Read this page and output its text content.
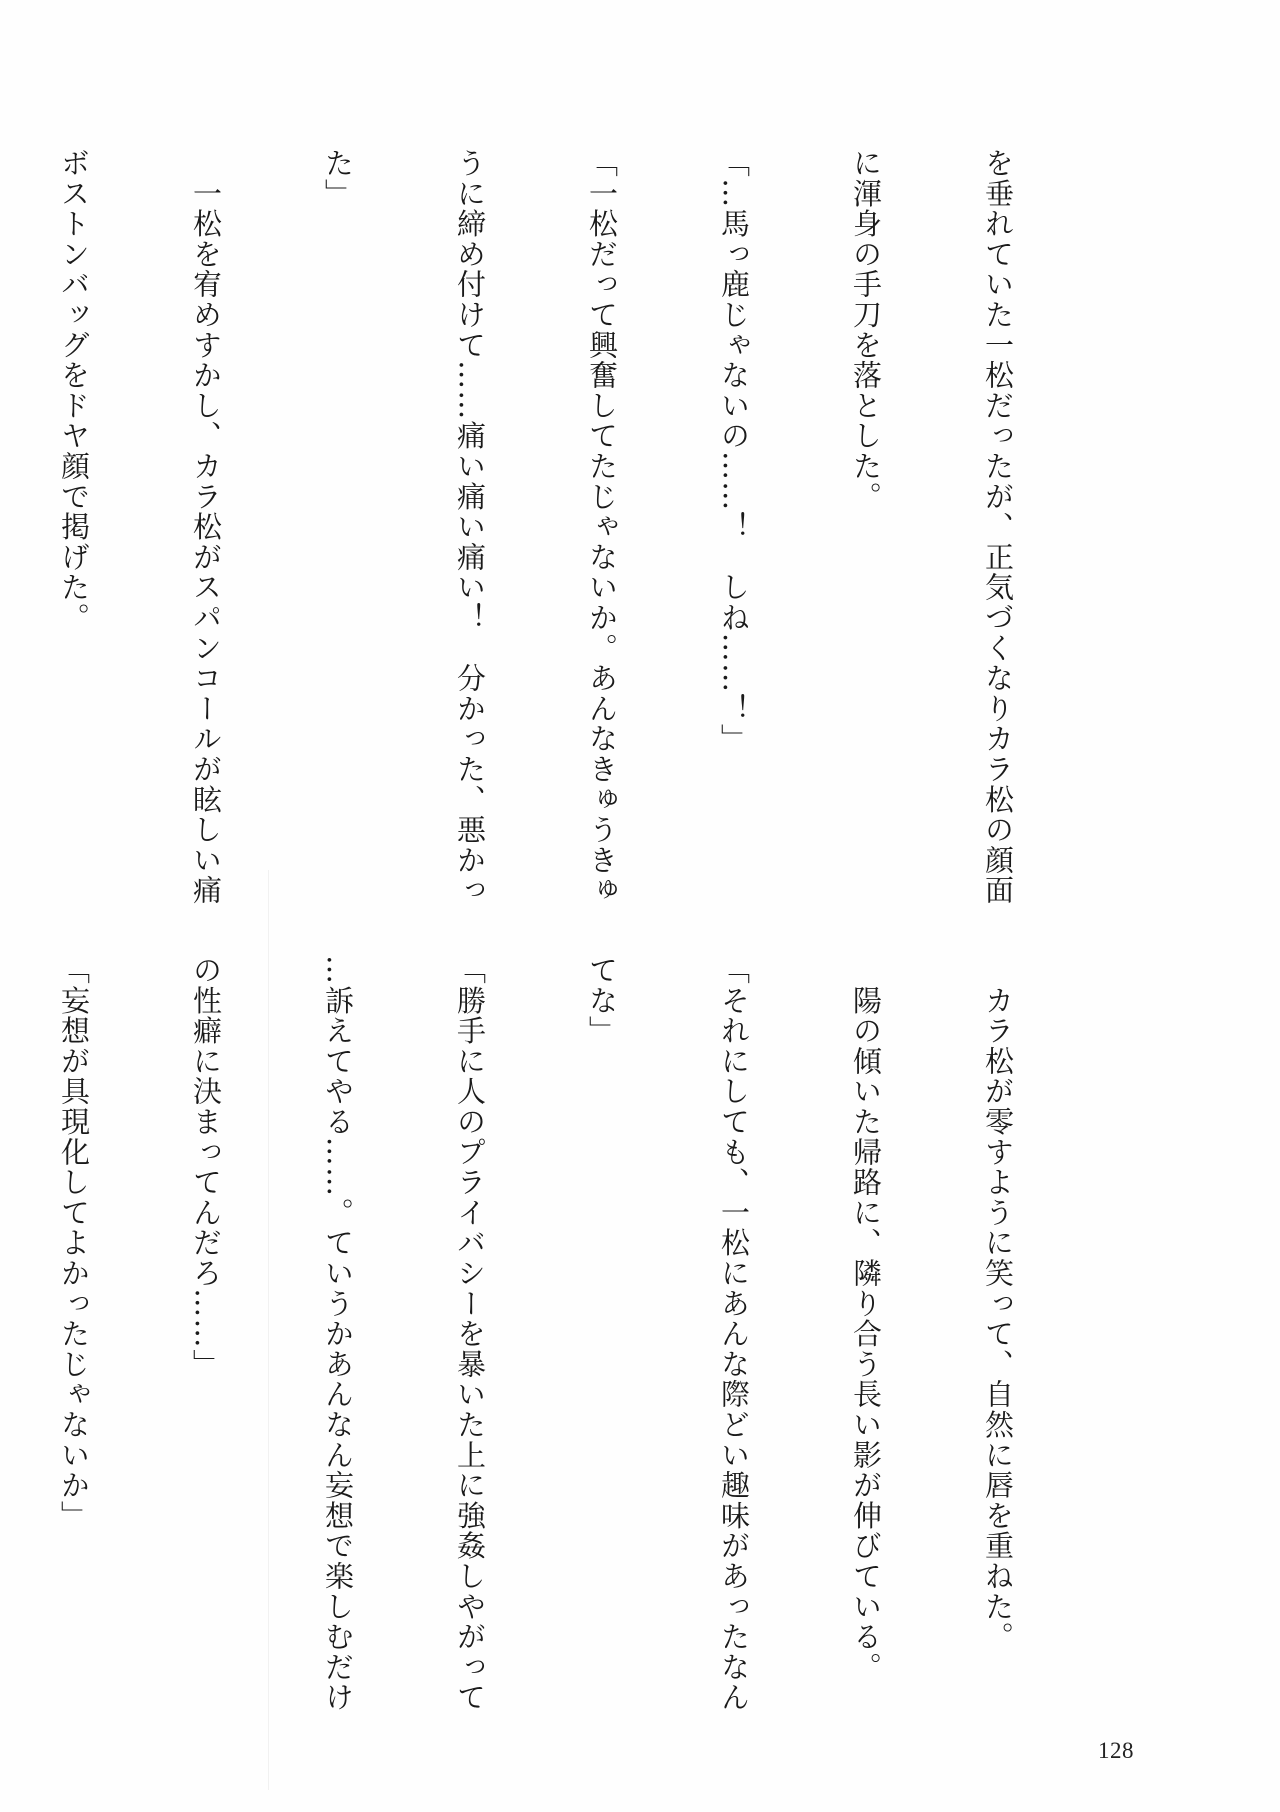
を垂れていた一松だったが、正気づくなりカラ松の顔面

に渾身の手刀を落とした。

「…馬っ鹿じゃないの……！　しね……！」

「一松だって興奮してたじゃないか。あんなきゅうきゅ

うに締め付けて……痛い痛い痛い！　分かった、悪かっ

た」

　一松を宥めすかし、カラ松がスパンコールが眩しい痛

ボストンバッグをドヤ顔で掲げた。

　カラ松が零すように笑って、自然に唇を重ねた。

　陽の傾いた帰路に、隣り合う長い影が伸びている。

「それにしても、一松にあんな際どい趣味があったなん

てな」

「勝手に人のプライバシーを暴いた上に強姦しやがって

…訴えてやる……。ていうかあんなん妄想で楽しむだけ

の性癖に決まってんだろ……」

「妄想が具現化してよかったじゃないか」

128
